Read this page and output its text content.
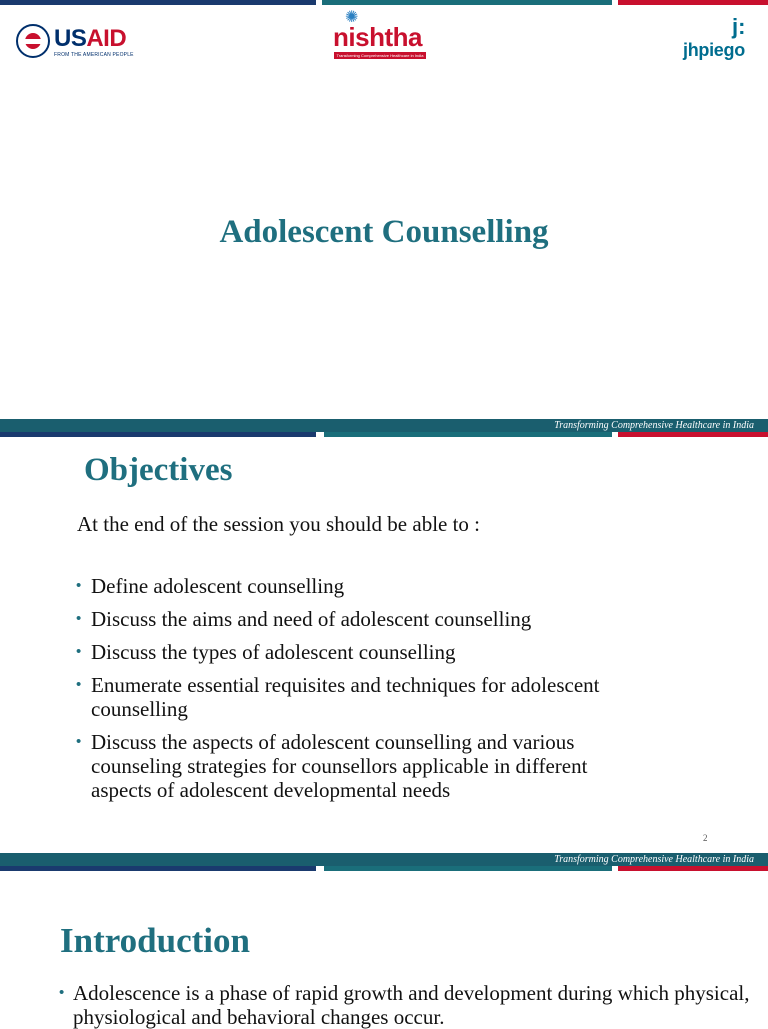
USAID
FROM THE AMERICAN PEOPLE
✺
nishtha
Transforming Comprehensive Healthcare in India
j:
jhpiego
Adolescent Counselling
Transforming Comprehensive Healthcare in India
Objectives
At the end of the session you should be able to :
• Define adolescent counselling
• Discuss the aims and need of adolescent counselling
• Discuss the types of adolescent counselling
• Enumerate essential requisites and techniques for adolescent counselling
• Discuss the aspects of adolescent counselling and various counseling strategies for counsellors applicable in different aspects of adolescent developmental needs
2
Transforming Comprehensive Healthcare in India
Introduction
• Adolescence is a phase of rapid growth and development during which physical, physiological and behavioral changes occur.
